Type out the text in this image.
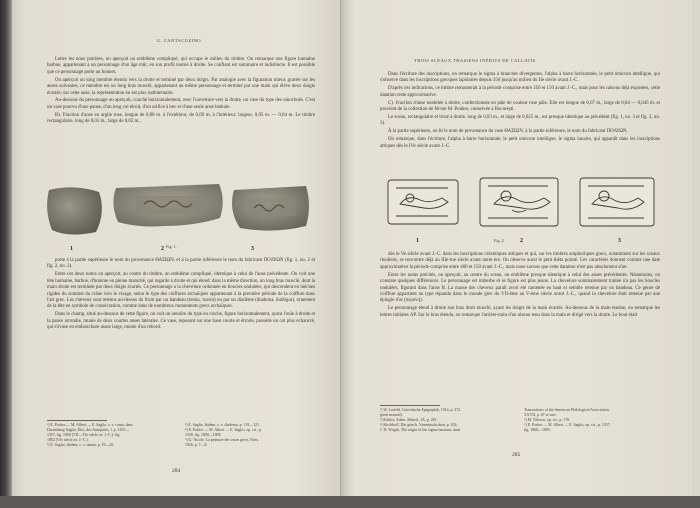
G. CANTACUZINO

Lettre les nous potriées, on aperçoit un emblème compliqué, qui occupe le milieu du timbre. On remarque une figure humaine barbue, appartenant à un personnage d'un âge mûr, en son profil tourné à droite. Se confiant est sommaire et indistincte. Il est possible que ce personnage porte un bonnet.

On aperçoit un long membre étendu vers la droite et terminé par deux doigts. Par analogie avec la figuration mieux gravée sur les anses suivantes, ce membre est un long bras musclé, appartenant au même personnage et terminé par une main qui élève deux doigts écartés; sur cette anse, la représentation en est plus rudimentaire.

Au-dessous du personnage on aperçoit, couché horizontalement, avec l'ouverture vers la droite, un vase du type des oinochoés. C'est un vase pourvu d'une panse, d'un long col étroit, d'un orifice à bec et d'une seule anse latérale.

B). Fraction d'anse en argile rose, longue de 0,08 m. à l'extérieur, de 0,09 m. à l'intérieur; largeur, 0,05 m. — 0,04 m. Le timbre rectangulaire, long de 0,03 m., large de 0,02 m.,

1	2	3
Fig. 1.

porte à la partie supérieure le nom du provenance ΘΑΣΙΩΝ, et à la partie inférieure le nom du fabricant ΠΟΛΥΩΝ (fig. 1, no. 2 et fig. 2, no. 2).

Entre ces deux noms on aperçoit, au centre du timbre, un emblème compliqué, identique à celui de l'anse précédente. On voit une tête humaine, barbue, d'homme en pleine maturité, qui regarde à droite et qui étend, dans la même direction, un long bras musclé, dont la main droite est terminée par deux doigts écartés. Ce personnage a la chevelure ordonnée en boucles ondulées, qui descendent en mèches rigides du sommet du crâne vers le visage, selon le type des coiffures archaïques appartenant à la première période de la coiffure dans l'art grec. Les cheveux sont retenus au-dessus du front par un bandeau (tænia, ταινία) ou par un diadème (diadema, διάδημα), ornement de la tête en symbole de consécration, comme dans de nombreux monuments grecs archaïques.

Dans le champ, situé au-dessous de cette figure, on voit un oenoïre du type en cloche, figure horizontalement, ayant l'ouïe à droite et la panse arrondie, munie de deux courtes anses latérales. Ce vase, reposant sur une base courte et étroite, possède un col plus échancré, qui s'évase en embouchure assez large, munie d'un rebord.

¹) E. Pottier — M. Albert — E. Saglio, s. v. coma, dans
Daremberg-Saglio, Dict. des Antiquités, I, p. 1355—
1357, fig. 1800 (VII—VIe siècle av. J.-C.); fig.
1802 (VIe siècle av. J.-C.).
²) E. Saglio, ibidem, s. v. taenia, p. 19—26.
³) E. Saglio, ibidem, s. v. diadema, p. 119—121.
⁴) E. Pottier — M. Albert — E. Saglio, op. cit., p.
1358, fig. 1800—1808.
⁵) G. Nicole, La peinture des vases grecs, Paris,
1926, p. 7—8.
284
TROIS SCEAUX THASIENS INÉDITS DE CALLATIS

Dans l'écriture des inscriptions, on remarque le sigma à branches divergentes, l'alpha à barre horizontale, le petit omicron intelligue, qui s'observe dans les inscriptions grecques lapidaires depuis 350 jusqu'au milieu du IIe siècle avant J.-C.

D'après ces indications, ce timbre remonterait à la période comprise entre 350 et 150 avant J.-C., mais pour les raisons déjà exposées, cette datation reste approximative.

C). Fraction d'anse modelée à droite, confectionnée en pâte de couleur rose pâle. Elle est longue de 0,07 m., large de 0,04 — 0,045 m. et provient de la collection de M-me M. Ponker, conservée à Bucureşti.

Le sceau, rectangulaire et brisé à droite, long de 0,03 m., et large de 0,025 m., est presque identique au précédent (fig. 1, no. 3 et fig. 2, no. 3).

À la partie supérieure, on lit le nom de provenance du vase ΘΑΣΙΩΝ, à la partie inférieure, le nom du fabricant ΠΟΛΥΩΝ.

On remarque, dans l'écriture, l'alpha à barre horizontale, le petit omicron intelligue, le sigma lunaire, qui apparaît dans les inscriptions attiques dès le IVe siècle avant J.-C.

1	2	3
Fig. 2.

dès le Ve siècle avant J.-C. dans les inscriptions céramiques attiques et qui, sur les timbres amphoriques grecs, notamment sur les sceaux rhodiens, se rencontre déjà au IIIe-me siècle avant notre ère. On observe aussi le petit thêta pointé. Ces caractères donnent comme une date approximative la période comprise entre 400 et 150 avant J.-C., mais nous savons que cette datation n'est pas absolument sûre.

Entre les noms précités, on aperçoit, au centre du sceau, un emblème presque identique à celui des anses précédentes. Néanmoins, on constate quelques différences. Le personnage est imberbe et se figure est plus jeune. La chevelure sommairement traitée n'a pas les boucles ondulées, figurant dans l'anse B. La masse des cheveux paraît avoir été ramenée en haut et semble retenue par un bandeau. Ce genre de coiffure appartient au type répandu dans le monde grec du VII-ème au V-ème siècle avant J.-C., quand la chevelure était retenue par une épingle d'or (περόνη).

Le personnage étend à droite son bras droit musclé, ayant les doigts de la main écartés. Au-dessous de la main tendue, on remarque les lettres initiales ΛΡ. Sur le bras étendu, on remarque l'arrière-train d'un oiseau tenu dans la main et dirigé vers la droite. Le bout était

¹) W. Larfeld, Griechische Epigraphik, 1914, p. 272
(petit manuel).
²) Köhler, Athen. Mitteil., IX, p. 281.
³) Kirchhoff, Die griech. Vaseninschriften, p. 102;
J. D. Wright, The origin of the sigma lunatum, dans
Transactions of the American Philological Association,
XXVII, p. 87 et suiv.
⁴) M. Nilsson, op. cit., p. 170.
⁵) E. Pottier — M. Albert — E. Saglio, op. cit., p. 1357,
fig. 1800—1805.
285
